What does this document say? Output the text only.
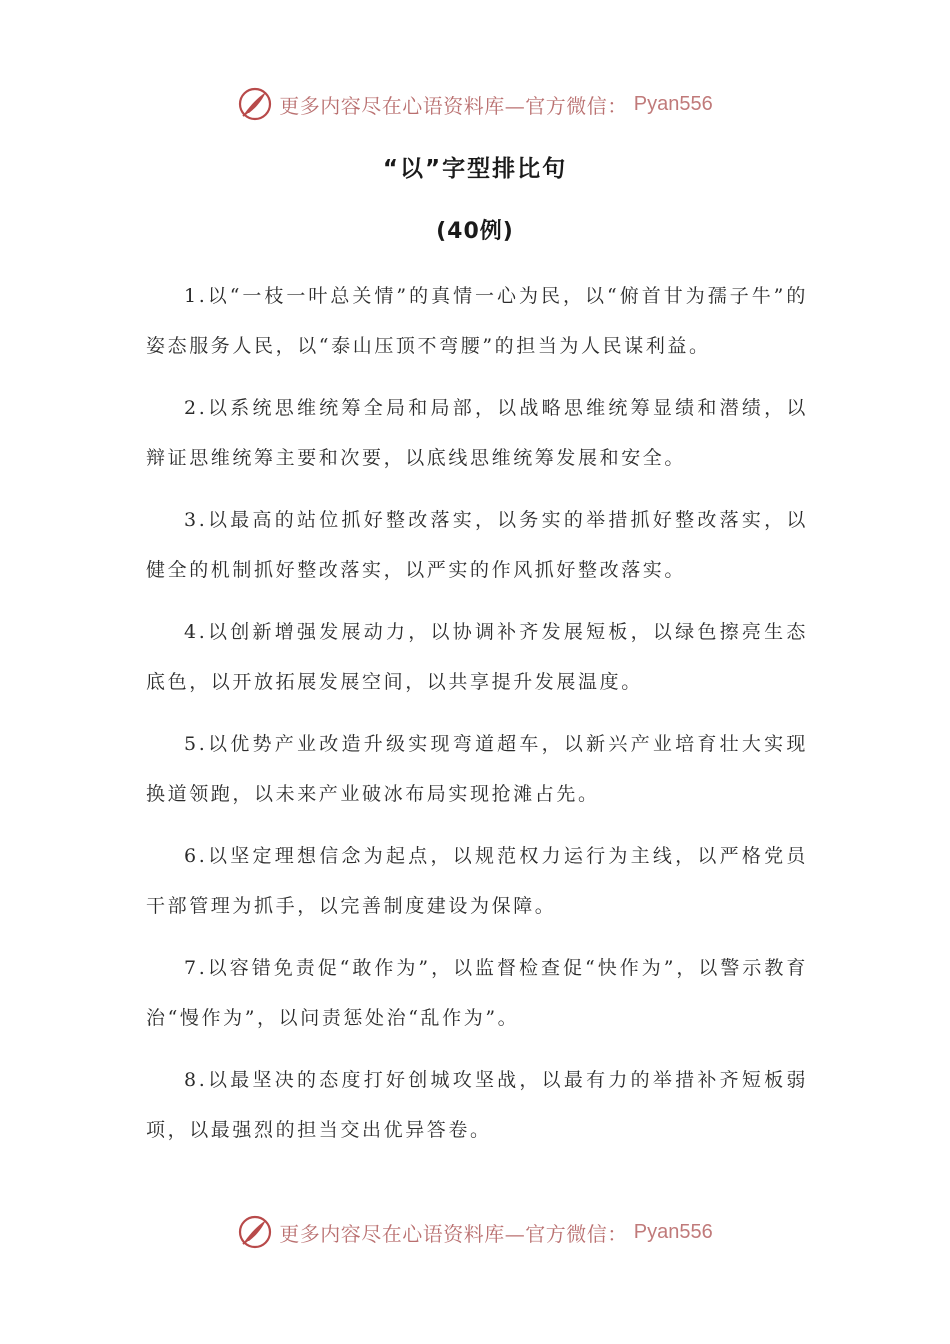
更多内容尽在心语资料库—官方微信： Pyan556
“以”字型排比句
(40例)

1.以“一枝一叶总关情”的真情一心为民，以“俯首甘为孺子牛”的姿态服务人民，以“泰山压顶不弯腰”的担当为人民谋利益。

2.以系统思维统筹全局和局部，以战略思维统筹显绩和潜绩，以辩证思维统筹主要和次要，以底线思维统筹发展和安全。

3.以最高的站位抓好整改落实，以务实的举措抓好整改落实，以健全的机制抓好整改落实，以严实的作风抓好整改落实。

4.以创新增强发展动力，以协调补齐发展短板，以绿色擦亮生态底色，以开放拓展发展空间，以共享提升发展温度。

5.以优势产业改造升级实现弯道超车，以新兴产业培育壮大实现换道领跑，以未来产业破冰布局实现抢滩占先。

6.以坚定理想信念为起点，以规范权力运行为主线，以严格党员干部管理为抓手，以完善制度建设为保障。

7.以容错免责促“敢作为”，以监督检查促“快作为”，以警示教育治“慢作为”，以问责惩处治“乱作为”。

8.以最坚决的态度打好创城攻坚战，以最有力的举措补齐短板弱项，以最强烈的担当交出优异答卷。

更多内容尽在心语资料库—官方微信： Pyan556
